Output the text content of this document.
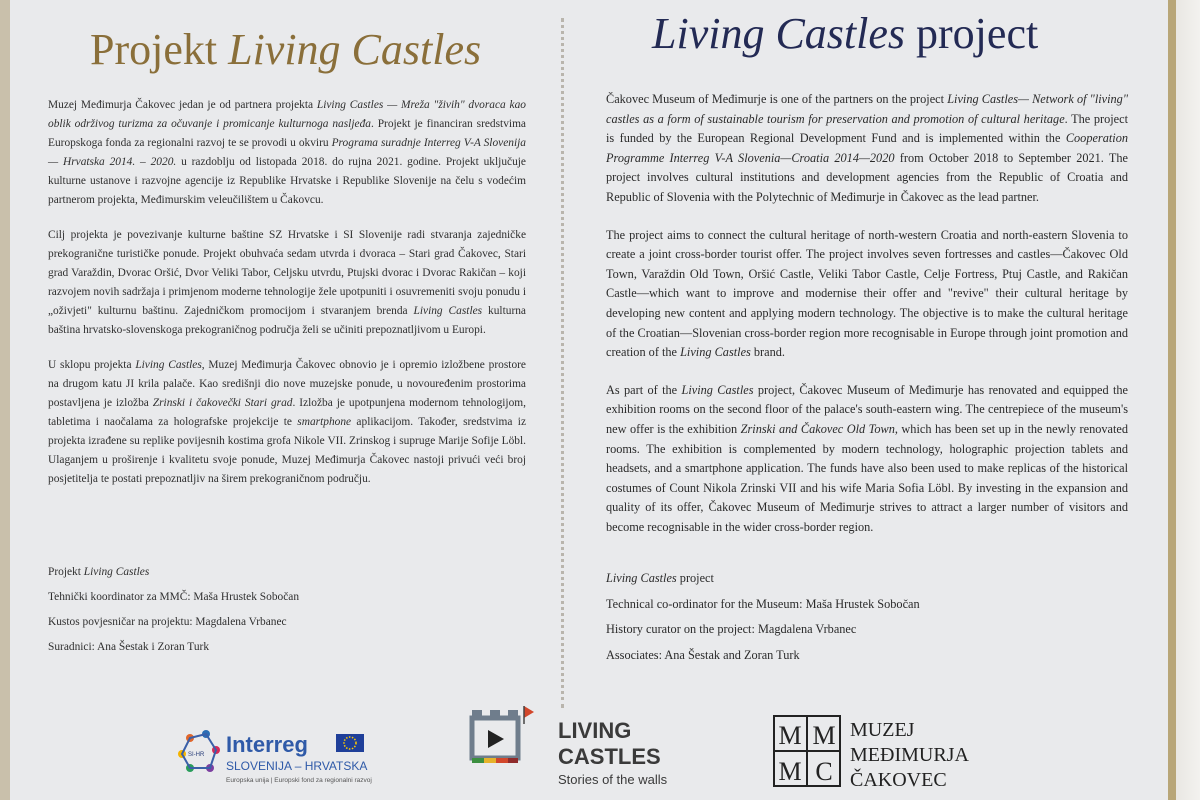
Projekt Living Castles	Living Castles project

Muzej Međimurja Čakovec jedan je od partnera projekta Living Castles — Mreža "živih" dvoraca kao oblik održivog turizma za očuvanje i promicanje kulturnoga nasljeđa. Projekt je financiran sredstvima Europskoga fonda za regionalni razvoj te se provodi u okviru Programa suradnje Interreg V-A Slovenija — Hrvatska 2014. – 2020. u razdoblju od listopada 2018. do rujna 2021. godine. Projekt uključuje kulturne ustanove i razvojne agencije iz Republike Hrvatske i Republike Slovenije na čelu s vodećim partnerom projekta, Međimurskim veleučilištem u Čakovcu.

Cilj projekta je povezivanje kulturne baštine SZ Hrvatske i SI Slovenije radi stvaranja zajedničke prekogranične turističke ponude. Projekt obuhvaća sedam utvrda i dvoraca – Stari grad Čakovec, Stari grad Varaždin, Dvorac Oršić, Dvor Veliki Tabor, Celjsku utvrdu, Ptujski dvorac i Dvorac Rakičan – koji razvojem novih sadržaja i primjenom moderne tehnologije žele upotpuniti i osuvremeniti svoju ponudu i „oživjeti" kulturnu baštinu. Zajedničkom promocijom i stvaranjem brenda Living Castles kulturna baština hrvatsko-slovenskoga prekograničnog područja želi se učiniti prepoznatljivom u Europi.

U sklopu projekta Living Castles, Muzej Međimurja Čakovec obnovio je i opremio izložbene prostore na drugom katu JI krila palače. Kao središnji dio nove muzejske ponude, u novouređenim prostorima postavljena je izložba Zrinski i čakovečki Stari grad. Izložba je upotpunjena modernom tehnologijom, tabletima i naočalama za holografske projekcije te smartphone aplikacijom. Također, sredstvima iz projekta izrađene su replike povijesnih kostima grofa Nikole VII. Zrinskog i supruge Marije Sofije Löbl. Ulaganjem u proširenje i kvalitetu svoje ponude, Muzej Međimurja Čakovec nastoji privući veći broj posjetitelja te postati prepoznatljiv na širem prekograničnom području.

Projekt Living Castles
Tehnički koordinator za MMČ: Maša Hrustek Sobočan
Kustos povjesničar na projektu: Magdalena Vrbanec
Suradnici: Ana Šestak i Zoran Turk

Čakovec Museum of Međimurje is one of the partners on the project Living Castles— Network of "living" castles as a form of sustainable tourism for preservation and promotion of cultural heritage. The project is funded by the European Regional Development Fund and is implemented within the Cooperation Programme Interreg V-A Slovenia—Croatia 2014—2020 from October 2018 to September 2021. The project involves cultural institutions and development agencies from the Republic of Croatia and Republic of Slovenia with the Polytechnic of Međimurje in Čakovec as the lead partner.

The project aims to connect the cultural heritage of north-western Croatia and north-eastern Slovenia to create a joint cross-border tourist offer. The project involves seven fortresses and castles—Čakovec Old Town, Varaždin Old Town, Oršić Castle, Veliki Tabor Castle, Celje Fortress, Ptuj Castle, and Rakičan Castle—which want to improve and modernise their offer and "revive" their cultural heritage by developing new content and applying modern technology. The objective is to make the cultural heritage of the Croatian—Slovenian cross-border region more recognisable in Europe through joint promotion and creation of the Living Castles brand.

As part of the Living Castles project, Čakovec Museum of Međimurje has renovated and equipped the exhibition rooms on the second floor of the palace's south-eastern wing. The centrepiece of the museum's new offer is the exhibition Zrinski and Čakovec Old Town, which has been set up in the newly renovated rooms. The exhibition is complemented by modern technology, holographic projection tablets and headsets, and a smartphone application. The funds have also been used to make replicas of the historical costumes of Count Nikola Zrinski VII and his wife Maria Sofia Löbl. By investing in the expansion and quality of its offer, Čakovec Museum of Međimurje strives to attract a larger number of visitors and become recognisable in the wider cross-border region.

Living Castles project
Technical co-ordinator for the Museum: Maša Hrustek Sobočan
History curator on the project: Magdalena Vrbanec
Associates: Ana Šestak and Zoran Turk
SI-HR Interreg
SLOVENIJA – HRVATSKA
Europska unija | Europski fond za regionalni razvoj
LIVING
CASTLES
Stories of the walls
M M
M C
MUZEJ
MEĐIMURJA
ČAKOVEC
